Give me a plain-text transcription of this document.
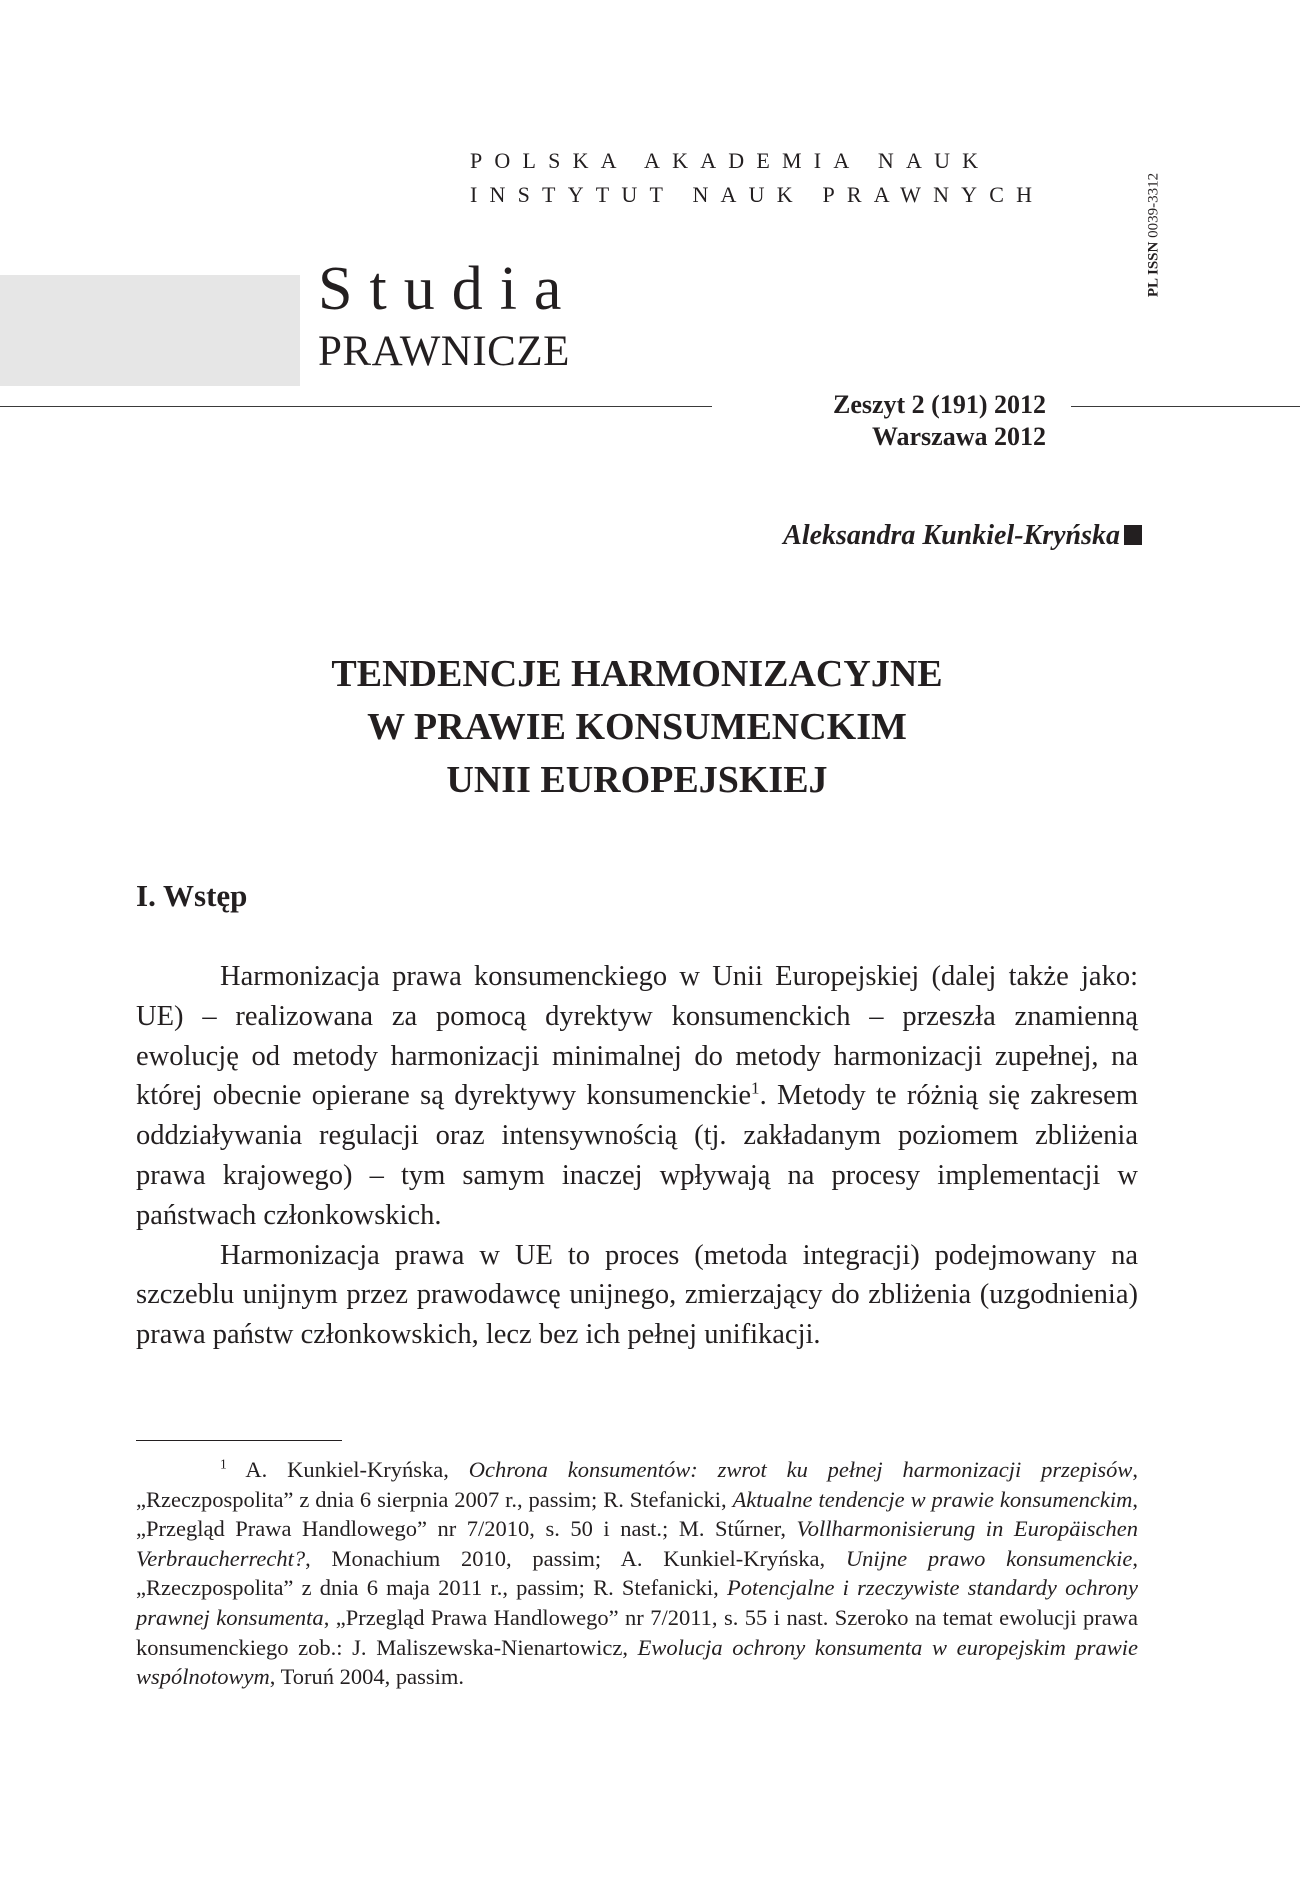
POLSKA AKADEMIA NAUK
INSTYTUT NAUK PRAWNYCH
PL ISSN 0039-3312
Studia
PRAWNICZE
Zeszyt 2 (191) 2012
Warszawa 2012
Aleksandra Kunkiel-Kryńska
TENDENCJE HARMONIZACYJNE
W PRAWIE KONSUMENCKIM
UNII EUROPEJSKIEJ
I. Wstęp

Harmonizacja prawa konsumenckiego w Unii Europejskiej (dalej także jako: UE) – realizowana za pomocą dyrektyw konsumenckich – przeszła znamienną ewolucję od metody harmonizacji minimalnej do metody harmonizacji zupełnej, na której obecnie opierane są dyrektywy konsumenckie$^1$. Metody te różnią się zakresem oddziaływania regulacji oraz intensywnością (tj. zakładanym poziomem zbliżenia prawa krajowego) – tym samym inaczej wpływają na procesy implementacji w państwach członkowskich.

Harmonizacja prawa w UE to proces (metoda integracji) podejmowany na szczeblu unijnym przez prawodawcę unijnego, zmierzający do zbliżenia (uzgodnienia) prawa państw członkowskich, lecz bez ich pełnej unifikacji.

$^1$ A. Kunkiel-Kryńska, Ochrona konsumentów: zwrot ku pełnej harmonizacji przepisów, „Rzeczpospolita” z dnia 6 sierpnia 2007 r., passim; R. Stefanicki, Aktualne tendencje w prawie konsumenckim, „Przegląd Prawa Handlowego” nr 7/2010, s. 50 i nast.; M. Stűrner, Vollharmonisierung in Europäischen Verbraucherrecht?, Monachium 2010, passim; A. Kunkiel-Kryńska, Unijne prawo konsumenckie, „Rzeczpospolita” z dnia 6 maja 2011 r., passim; R. Stefanicki, Potencjalne i rzeczywiste standardy ochrony prawnej konsumenta, „Przegląd Prawa Handlowego” nr 7/2011, s. 55 i nast. Szeroko na temat ewolucji prawa konsumenckiego zob.: J. Maliszewska-Nienartowicz, Ewolucja ochrony konsumenta w europejskim prawie wspólnotowym, Toruń 2004, passim.
